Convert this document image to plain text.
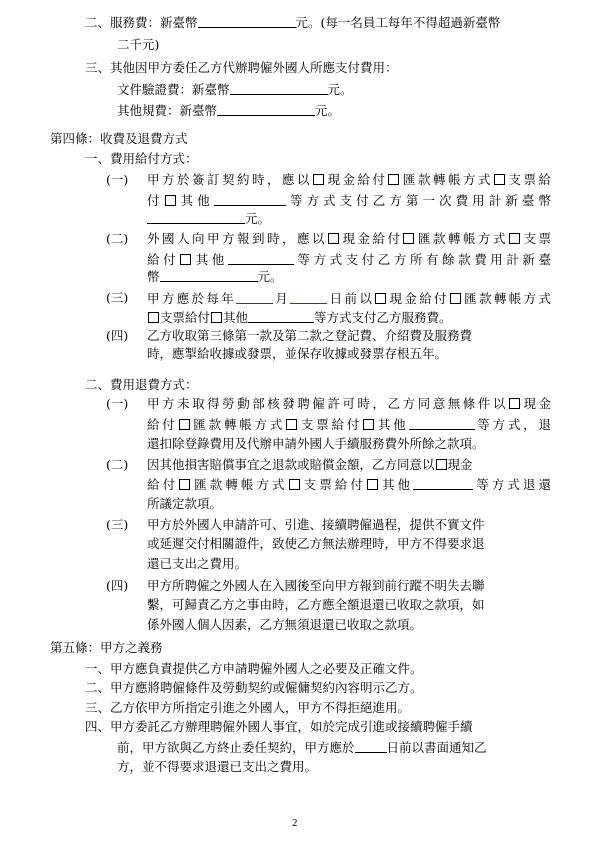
二、服務費：新臺幣	元。(每一名員工每年不得超過新臺幣
二千元)
三、其他因甲方委任乙方代辦聘僱外國人所應支付費用：
文件驗證費：新臺幣	元。
其他規費：新臺幣	元。
第四條：收費及退費方式
一、費用給付方式：
(一) 甲方於簽訂契約時，應以 現金給付 匯款轉帳方式 支票給
付 其他	等方式支付乙方第一次費用計新臺幣
元。
(二) 外國人向甲方報到時，應以 現金給付 匯款轉帳方式 支票
給付 其他	等方式支付乙方所有餘款費用計新臺
幣	元。
(三) 甲方應於每年	月	日前以 現金給付 匯款轉帳方式
支票給付 其他	等方式支付乙方服務費。
(四) 乙方收取第三條第一款及第二款之登記費、介紹費及服務費
時，應掣給收據或發票，並保存收據或發票存根五年。
二、費用退費方式：
(一) 甲方未取得勞動部核發聘僱許可時，乙方同意無條件以 現金
給付 匯款轉帳方式 支票給付 其他	等方式，退
還扣除登錄費用及代辦申請外國人手續服務費外所餘之款項。
(二) 因其他損害賠償事宜之退款或賠償金額，乙方同意以 現金
給付 匯款轉帳方式 支票給付 其他	等方式退還
所議定款項。
(三) 甲方於外國人申請許可、引進、接續聘僱過程，提供不實文件
或延遲交付相關證件，致使乙方無法辦理時，甲方不得要求退
還已支出之費用。
(四) 甲方所聘僱之外國人在入國後至向甲方報到前行蹤不明失去聯
繫，可歸責乙方之事由時，乙方應全額退還已收取之款項，如
係外國人個人因素，乙方無須退還已收取之款項。
第五條：甲方之義務
一、甲方應負責提供乙方申請聘僱外國人之必要及正確文件。
二、甲方應將聘僱條件及勞動契約或僱傭契約內容明示乙方。
三、乙方依甲方所指定引進之外國人，甲方不得拒絕進用。
四、甲方委託乙方辦理聘僱外國人事宜，如於完成引進或接續聘僱手續
前，甲方欲與乙方終止委任契約，甲方應於	日前以書面通知乙
方，並不得要求退還已支出之費用。
2
